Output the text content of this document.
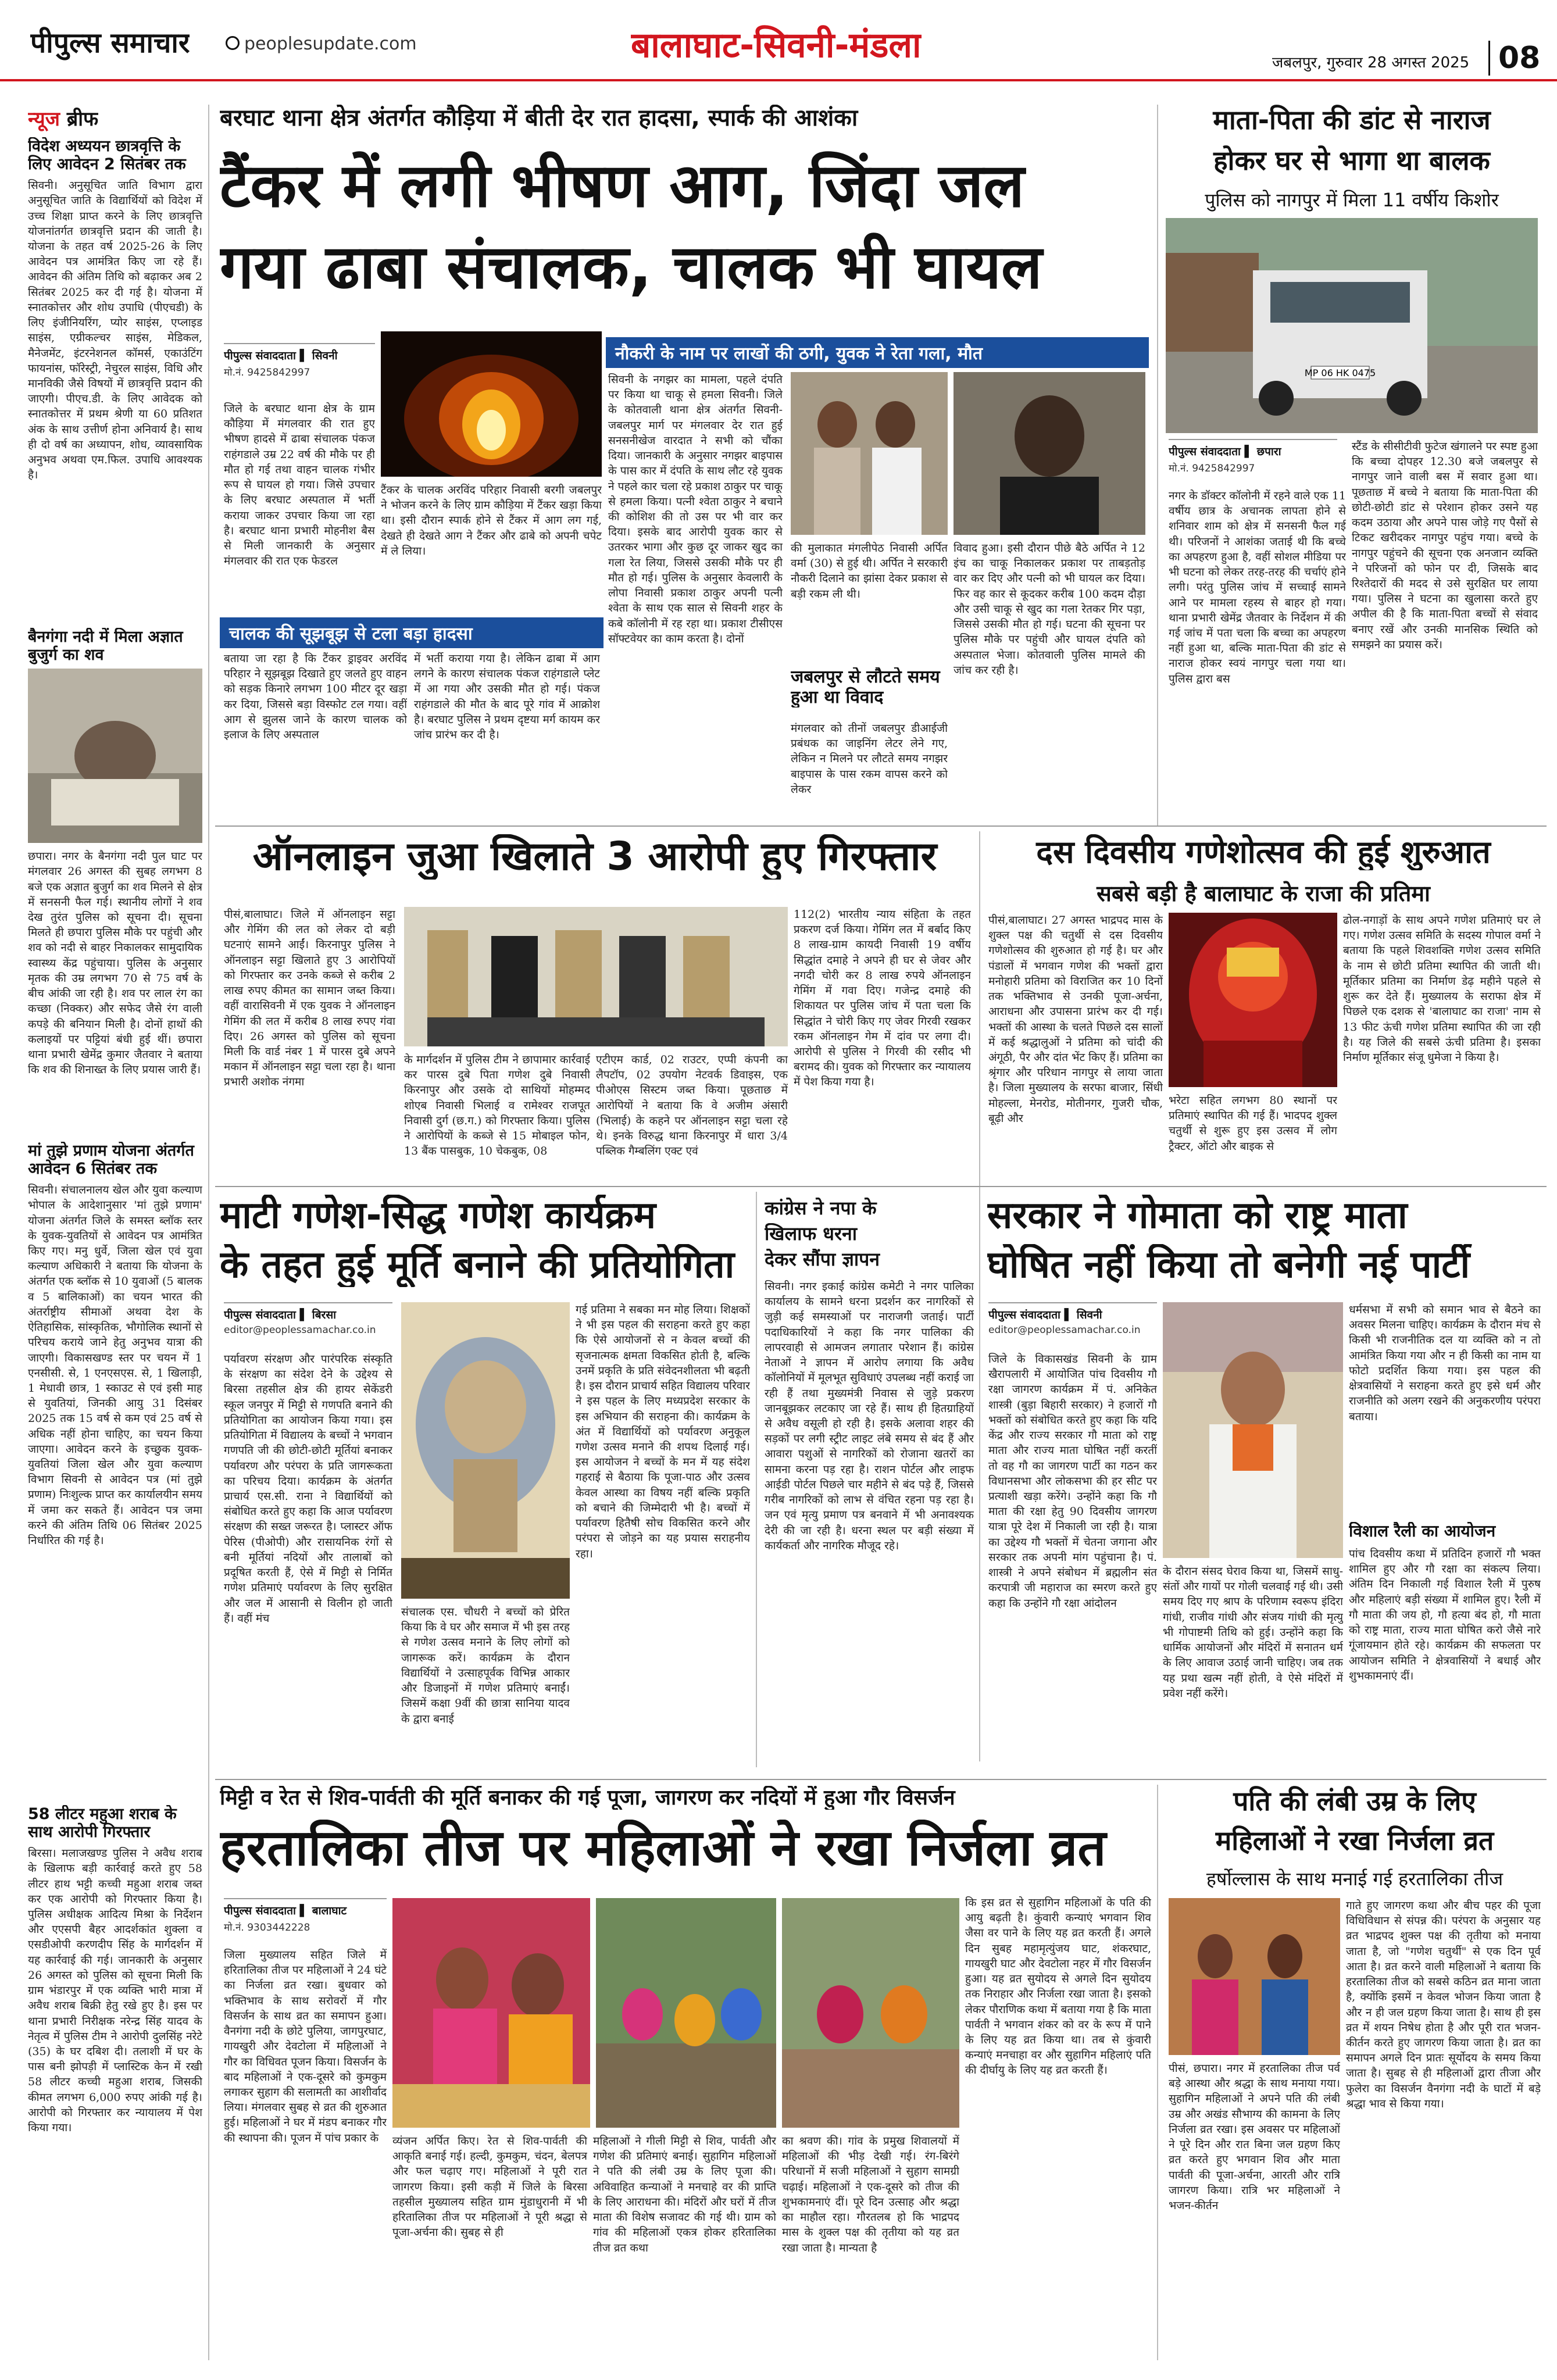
पीपुल्स समाचार	peoplesupdate.com	बालाघाट-सिवनी-मंडला	जबलपुर, गुरुवार 28 अगस्त 2025 08
न्यूज ब्रीफ
विदेश अध्ययन छात्रवृत्ति के लिए आवेदन 2 सितंबर तक
सिवनी। अनुसूचित जाति विभाग द्वारा अनुसूचित जाति के विद्यार्थियों को विदेश में उच्च शिक्षा प्राप्त करने के लिए छात्रवृत्ति योजनांतर्गत छात्रवृत्ति प्रदान की जाती है। योजना के तहत वर्ष 2025-26 के लिए आवेदन पत्र आमंत्रित किए जा रहे हैं। आवेदन की अंतिम तिथि को बढ़ाकर अब 2 सितंबर 2025 कर दी गई है। योजना में स्नातकोत्तर और शोध उपाधि (पीएचडी) के लिए इंजीनियरिंग, प्योर साइंस, एप्लाइड साइंस, एग्रीकल्चर साइंस, मेडिकल, मैनेजमेंट, इंटरनेशनल कॉमर्स, एकाउंटिंग फायनांस, फॉरेस्ट्री, नेचुरल साइंस, विधि और मानविकी जैसे विषयों में छात्रवृत्ति प्रदान की जाएगी। पीएच.डी. के लिए आवेदक को स्नातकोत्तर में प्रथम श्रेणी या 60 प्रतिशत अंक के साथ उत्तीर्ण होना अनिवार्य है। साथ ही दो वर्ष का अध्यापन, शोध, व्यावसायिक अनुभव अथवा एम.फिल. उपाधि आवश्यक है।
बैनगंगा नदी में मिला अज्ञात बुजुर्ग का शव
छपारा। नगर के बैनगंगा नदी पुल घाट पर मंगलवार 26 अगस्त की सुबह लगभग 8 बजे एक अज्ञात बुजुर्ग का शव मिलने से क्षेत्र में सनसनी फैल गई। स्थानीय लोगों ने शव देख तुरंत पुलिस को सूचना दी। सूचना मिलते ही छपारा पुलिस मौके पर पहुंची और शव को नदी से बाहर निकालकर सामुदायिक स्वास्थ्य केंद्र पहुंचाया। पुलिस के अनुसार मृतक की उम्र लगभग 70 से 75 वर्ष के बीच आंकी जा रही है। शव पर लाल रंग का कच्छा (निक्कर) और सफेद जैसे रंग वाली कपड़े की बनियान मिली है। दोनों हाथों की कलाइयों पर पट्टियां बंधी हुई थीं। छपारा थाना प्रभारी खेमेंद्र कुमार जैतवार ने बताया कि शव की शिनाख्त के लिए प्रयास जारी हैं।
मां तुझे प्रणाम योजना अंतर्गत आवेदन 6 सितंबर तक
सिवनी। संचालनालय खेल और युवा कल्याण भोपाल के आदेशानुसार 'मां तुझे प्रणाम' योजना अंतर्गत जिले के समस्त ब्लॉक स्तर के युवक-युवतियों से आवेदन पत्र आमंत्रित किए गए। मनु धुर्वे, जिला खेल एवं युवा कल्याण अधिकारी ने बताया कि योजना के अंतर्गत एक ब्लॉक से 10 युवाओं (5 बालक व 5 बालिकाओं) का चयन भारत की अंतर्राष्ट्रीय सीमाओं अथवा देश के ऐतिहासिक, सांस्कृतिक, भौगोलिक स्थानों से परिचय कराये जाने हेतु अनुभव यात्रा की जाएगी। विकासखण्ड स्तर पर चयन में 1 एनसीसी. से, 1 एनएसएस. से, 1 खिलाड़ी, 1 मेधावी छात्र, 1 स्काउट से एवं इसी माह से युवतियां, जिनकी आयु 31 दिसंबर 2025 तक 15 वर्ष से कम एवं 25 वर्ष से अधिक नहीं होना चाहिए, का चयन किया जाएगा। आवेदन करने के इच्छुक युवक-युवतियां जिला खेल और युवा कल्याण विभाग सिवनी से आवेदन पत्र (मां तुझे प्रणाम) निःशुल्क प्राप्त कर कार्यालयीन समय में जमा कर सकते हैं। आवेदन पत्र जमा करने की अंतिम तिथि 06 सितंबर 2025 निर्धारित की गई है।
58 लीटर महुआ शराब के साथ आरोपी गिरफ्तार
बिरसा। मलाजखण्ड पुलिस ने अवैध शराब के खिलाफ बड़ी कार्रवाई करते हुए 58 लीटर हाथ भट्टी कच्ची महुआ शराब जब्त कर एक आरोपी को गिरफ्तार किया है। पुलिस अधीक्षक आदित्य मिश्रा के निर्देशन और एएसपी बैहर आदर्शकांत शुक्ला व एसडीओपी करणदीप सिंह के मार्गदर्शन में यह कार्रवाई की गई। जानकारी के अनुसार 26 अगस्त को पुलिस को सूचना मिली कि ग्राम भंडारपुर में एक व्यक्ति भारी मात्रा में अवैध शराब बिक्री हेतु रखे हुए है। इस पर थाना प्रभारी निरीक्षक नरेन्द्र सिंह यादव के नेतृत्व में पुलिस टीम ने आरोपी दुलसिंह नरेटे (35) के घर दबिश दी। तलाशी में घर के पास बनी झोपड़ी में प्लास्टिक केन में रखी 58 लीटर कच्ची महुआ शराब, जिसकी कीमत लगभग 6,000 रुपए आंकी गई है। आरोपी को गिरफ्तार कर न्यायालय में पेश किया गया।
बरघाट थाना क्षेत्र अंतर्गत कौड़िया में बीती देर रात हादसा, स्पार्क की आशंका
टैंकर में लगी भीषण आग, जिंदा जल
गया ढाबा संचालक, चालक भी घायल
पीपुल्स संवाददाता ▌ सिवनी
मो.नं. 9425842997
जिले के बरघाट थाना क्षेत्र के ग्राम कौड़िया में मंगलवार की रात हुए भीषण हादसे में ढाबा संचालक पंकज राहंगडाले उम्र 22 वर्ष की मौके पर ही मौत हो गई तथा वाहन चालक गंभीर रूप से घायल हो गया। जिसे उपचार के लिए बरघाट अस्पताल में भर्ती कराया जाकर उपचार किया जा रहा है। बरघाट थाना प्रभारी मोहनीश बैस से मिली जानकारी के अनुसार मंगलवार की रात एक फेडरल
टैंकर के चालक अरविंद परिहार निवासी बरगी जबलपुर ने भोजन करने के लिए ग्राम कौड़िया में टैंकर खड़ा किया था। इसी दौरान स्पार्क होने से टैंकर में आग लग गई, देखते ही देखते आग ने टैंकर और ढाबे को अपनी चपेट में ले लिया।
चालक की सूझबूझ से टला बड़ा हादसा
बताया जा रहा है कि टैंकर ड्राइवर अरविंद परिहार ने सूझबूझ दिखाते हुए जलते हुए वाहन को सड़क किनारे लगभग 100 मीटर दूर खड़ा कर दिया, जिससे बड़ा विस्फोट टल गया। वहीं आग से झुलस जाने के कारण चालक को इलाज के लिए अस्पताल
में भर्ती कराया गया है। लेकिन ढाबा में आग लगने के कारण संचालक पंकज राहंगडाले प्लेट में आ गया और उसकी मौत हो गई। पंकज राहंगडाले की मौत के बाद पूरे गांव में आक्रोश है। बरघाट पुलिस ने प्रथम दृष्टया मर्ग कायम कर जांच प्रारंभ कर दी है।
नौकरी के नाम पर लाखों की ठगी, युवक ने रेता गला, मौत
सिवनी के नगझर का मामला, पहले दंपति पर किया था चाकू से हमला सिवनी। जिले के कोतवाली थाना क्षेत्र अंतर्गत सिवनी-जबलपुर मार्ग पर मंगलवार देर रात हुई सनसनीखेज वारदात ने सभी को चौंका दिया। जानकारी के अनुसार नगझर बाइपास के पास कार में दंपति के साथ लौट रहे युवक ने पहले कार चला रहे प्रकाश ठाकुर पर चाकू से हमला किया। पत्नी श्वेता ठाकुर ने बचाने की कोशिश की तो उस पर भी वार कर दिया। इसके बाद आरोपी युवक कार से उतरकर भागा और कुछ दूर जाकर खुद का गला रेत लिया, जिससे उसकी मौके पर ही मौत हो गई। पुलिस के अनुसार केवलारी के लोपा निवासी प्रकाश ठाकुर अपनी पत्नी श्वेता के साथ एक साल से सिवनी शहर के कबे कॉलोनी में रह रहा था। प्रकाश टीसीएस सॉफ्टवेयर का काम करता है। दोनों
की मुलाकात मंगलीपेठ निवासी अर्पित वर्मा (30) से हुई थी। अर्पित ने सरकारी नौकरी दिलाने का झांसा देकर प्रकाश से बड़ी रकम ली थी।
जबलपुर से लौटते समय हुआ था विवाद
मंगलवार को तीनों जबलपुर डीआईजी प्रबंधक का जाइनिंग लेटर लेने गए, लेकिन न मिलने पर लौटते समय नगझर बाइपास के पास रकम वापस करने को लेकर
विवाद हुआ। इसी दौरान पीछे बैठे अर्पित ने 12 इंच का चाकू निकालकर प्रकाश पर ताबड़तोड़ वार कर दिए और पत्नी को भी घायल कर दिया। फिर वह कार से कूदकर करीब 100 कदम दौड़ा और उसी चाकू से खुद का गला रेतकर गिर पड़ा, जिससे उसकी मौत हो गई। घटना की सूचना पर पुलिस मौके पर पहुंची और घायल दंपति को अस्पताल भेजा। कोतवाली पुलिस मामले की जांच कर रही है।
माता-पिता की डांट से नाराज
होकर घर से भागा था बालक
पुलिस को नागपुर में मिला 11 वर्षीय किशोर
MP 06 HK 0475
पीपुल्स संवाददाता ▌ छपारा
मो.नं. 9425842997
नगर के डॉक्टर कॉलोनी में रहने वाले एक 11 वर्षीय छात्र के अचानक लापता होने से शनिवार शाम को क्षेत्र में सनसनी फैल गई थी। परिजनों ने आशंका जताई थी कि बच्चे का अपहरण हुआ है, वहीं सोशल मीडिया पर भी घटना को लेकर तरह-तरह की चर्चाएं होने लगी। परंतु पुलिस जांच में सच्चाई सामने आने पर मामला रहस्य से बाहर हो गया। थाना प्रभारी खेमेंद्र जैतवार के निर्देशन में की गई जांच में पता चला कि बच्चा का अपहरण नहीं हुआ था, बल्कि माता-पिता की डांट से नाराज होकर स्वयं नागपुर चला गया था। पुलिस द्वारा बस
स्टैंड के सीसीटीवी फुटेज खंगालने पर स्पष्ट हुआ कि बच्चा दोपहर 12.30 बजे जबलपुर से नागपुर जाने वाली बस में सवार हुआ था। पूछताछ में बच्चे ने बताया कि माता-पिता की छोटी-छोटी डांट से परेशान होकर उसने यह कदम उठाया और अपने पास जोड़े गए पैसों से टिकट खरीदकर नागपुर पहुंच गया। बच्चे के नागपुर पहुंचने की सूचना एक अनजान व्यक्ति ने परिजनों को फोन पर दी, जिसके बाद रिश्तेदारों की मदद से उसे सुरक्षित घर लाया गया। पुलिस ने घटना का खुलासा करते हुए अपील की है कि माता-पिता बच्चों से संवाद बनाए रखें और उनकी मानसिक स्थिति को समझने का प्रयास करें।
ऑनलाइन जुआ खिलाते 3 आरोपी हुए गिरफ्तार
पीसं,बालाघाट। जिले में ऑनलाइन सट्टा और गेमिंग की लत को लेकर दो बड़ी घटनाएं सामने आईं। किरनापुर पुलिस ने ऑनलाइन सट्टा खिलाते हुए 3 आरोपियों को गिरफ्तार कर उनके कब्जे से करीब 2 लाख रुपए कीमत का सामान जब्त किया। वहीं वारासिवनी में एक युवक ने ऑनलाइन गेमिंग की लत में करीब 8 लाख रुपए गंवा दिए। 26 अगस्त को पुलिस को सूचना मिली कि वार्ड नंबर 1 में पारस दुबे अपने मकान में ऑनलाइन सट्टा चला रहा है। थाना प्रभारी अशोक नंगमा
के मार्गदर्शन में पुलिस टीम ने छापामार कार्रवाई कर पारस दुबे पिता गणेश दुबे निवासी किरनापुर और उसके दो साथियों मोहम्मद शोएब निवासी भिलाई व रामेश्वर राजपूत निवासी दुर्ग (छ.ग.) को गिरफ्तार किया। पुलिस ने आरोपियों के कब्जे से 15 मोबाइल फोन, 13 बैंक पासबुक, 10 चेकबुक, 08
एटीएम कार्ड, 02 राउटर, एप्पी कंपनी का लैपटॉप, 02 उपयोग नेटवर्क डिवाइस, एक पीओएस सिस्टम जब्त किया। पूछताछ में आरोपियों ने बताया कि वे अजीम अंसारी (भिलाई) के कहने पर ऑनलाइन सट्टा चला रहे थे। इनके विरुद्ध थाना किरनापुर में धारा 3/4 पब्लिक गैम्बलिंग एक्ट एवं
112(2) भारतीय न्याय संहिता के तहत प्रकरण दर्ज किया। गेमिंग लत में बर्बाद किए 8 लाख-ग्राम कायदी निवासी 19 वर्षीय सिद्धांत दमाहे ने अपने ही घर से जेवर और नगदी चोरी कर 8 लाख रुपये ऑनलाइन गेमिंग में गवा दिए। गजेन्द्र दमाहे की शिकायत पर पुलिस जांच में पता चला कि सिद्धांत ने चोरी किए गए जेवर गिरवी रखकर रकम ऑनलाइन गेम में दांव पर लगा दी। आरोपी से पुलिस ने गिरवी की रसीद भी बरामद की। युवक को गिरफ्तार कर न्यायालय में पेश किया गया है।
दस दिवसीय गणेशोत्सव की हुई शुरुआत
सबसे बड़ी है बालाघाट के राजा की प्रतिमा
पीसं,बालाघाट। 27 अगस्त भाद्रपद मास के शुक्ल पक्ष की चतुर्थी से दस दिवसीय गणेशोत्सव की शुरुआत हो गई है। घर और पंडालों में भगवान गणेश की भक्तों द्वारा मनोहारी प्रतिमा को विराजित कर 10 दिनों तक भक्तिभाव से उनकी पूजा-अर्चना, आराधना और उपासना प्रारंभ कर दी गई। भक्तों की आस्था के चलते पिछले दस सालों में कई श्रद्धालुओं ने प्रतिमा को चांदी की अंगूठी, पैर और दांत भेंट किए हैं। प्रतिमा का श्रृंगार और परिधान नागपुर से लाया जाता है। जिला मुख्यालय के सरफा बाजार, सिंधी मोहल्ला, मेनरोड, मोतीनगर, गुजरी चौक, बूढ़ी और
भरेटा सहित लगभग 80 स्थानों पर प्रतिमाएं स्थापित की गई हैं। भादपद शुक्ल चतुर्थी से शुरू हुए इस उत्सव में लोग ट्रैक्टर, ऑटो और बाइक से
ढोल-नगाड़ों के साथ अपने गणेश प्रतिमाएं घर ले गए। गणेश उत्सव समिति के सदस्य गोपाल वर्मा ने बताया कि पहले शिवशक्ति गणेश उत्सव समिति के नाम से छोटी प्रतिमा स्थापित की जाती थी। मूर्तिकार प्रतिमा का निर्माण डेढ़ महीने पहले से शुरू कर देते हैं। मुख्यालय के सराफा क्षेत्र में पिछले एक दशक से 'बालाघाट का राजा' नाम से 13 फीट ऊंची गणेश प्रतिमा स्थापित की जा रही है। यह जिले की सबसे ऊंची प्रतिमा है। इसका निर्माण मूर्तिकार संजू धुमेजा ने किया है।
माटी गणेश-सिद्ध गणेश कार्यक्रम
के तहत हुई मूर्ति बनाने की प्रतियोगिता
पीपुल्स संवाददाता ▌ बिरसा
editor@peoplessamachar.co.in
पर्यावरण संरक्षण और पारंपरिक संस्कृति के संरक्षण का संदेश देने के उद्देश्य से बिरसा तहसील क्षेत्र की हायर सेकेंडरी स्कूल जनपुर में मिट्टी से गणपति बनाने की प्रतियोगिता का आयोजन किया गया। इस प्रतियोगिता में विद्यालय के बच्चों ने भगवान गणपति जी की छोटी-छोटी मूर्तियां बनाकर पर्यावरण और परंपरा के प्रति जागरूकता का परिचय दिया। कार्यक्रम के अंतर्गत प्राचार्य एस.सी. राना ने विद्यार्थियों को संबोधित करते हुए कहा कि आज पर्यावरण संरक्षण की सख्त जरूरत है। प्लास्टर ऑफ पेरिस (पीओपी) और रासायनिक रंगों से बनी मूर्तियां नदियों और तालाबों को प्रदूषित करती हैं, ऐसे में मिट्टी से निर्मित गणेश प्रतिमाएं पर्यावरण के लिए सुरक्षित और जल में आसानी से विलीन हो जाती हैं। वहीं मंच	संचालक एस. चौधरी ने बच्चों को प्रेरित किया कि वे घर और समाज में भी इस तरह से गणेश उत्सव मनाने के लिए लोगों को जागरूक करें। कार्यक्रम के दौरान विद्यार्थियों ने उत्साहपूर्वक विभिन्न आकार और डिजाइनों में गणेश प्रतिमाएं बनाईं। जिसमें कक्षा 9वीं की छात्रा सानिया यादव के द्वारा बनाई
गई प्रतिमा ने सबका मन मोह लिया। शिक्षकों ने भी इस पहल की सराहना करते हुए कहा कि ऐसे आयोजनों से न केवल बच्चों की सृजनात्मक क्षमता विकसित होती है, बल्कि उनमें प्रकृति के प्रति संवेदनशीलता भी बढ़ती है। इस दौरान प्राचार्य सहित विद्यालय परिवार ने इस पहल के लिए मध्यप्रदेश सरकार के इस अभियान की सराहना की। कार्यक्रम के अंत में विद्यार्थियों को पर्यावरण अनुकूल गणेश उत्सव मनाने की शपथ दिलाई गई। इस आयोजन ने बच्चों के मन में यह संदेश गहराई से बैठाया कि पूजा-पाठ और उत्सव केवल आस्था का विषय नहीं बल्कि प्रकृति को बचाने की जिम्मेदारी भी है। बच्चों में पर्यावरण हितैषी सोच विकसित करने और परंपरा से जोड़ने का यह प्रयास सराहनीय रहा।
कांग्रेस ने नपा के
खिलाफ धरना
देकर सौंपा ज्ञापन
सिवनी। नगर इकाई कांग्रेस कमेटी ने नगर पालिका कार्यालय के सामने धरना प्रदर्शन कर नागरिकों से जुड़ी कई समस्याओं पर नाराजगी जताई। पार्टी पदाधिकारियों ने कहा कि नगर पालिका की लापरवाही से आमजन लगातार परेशान हैं। कांग्रेस नेताओं ने ज्ञापन में आरोप लगाया कि अवैध कॉलोनियों में मूलभूत सुविधाएं उपलब्ध नहीं कराई जा रही हैं तथा मुख्यमंत्री निवास से जुड़े प्रकरण जानबूझकर लटकाए जा रहे हैं। साथ ही हितग्राहियों से अवैध वसूली हो रही है। इसके अलावा शहर की सड़कों पर लगी स्ट्रीट लाइट लंबे समय से बंद हैं और आवारा पशुओं से नागरिकों को रोजाना खतरों का सामना करना पड़ रहा है। राशन पोर्टल और लाइफ आईडी पोर्टल पिछले चार महीने से बंद पड़े हैं, जिससे गरीब नागरिकों को लाभ से वंचित रहना पड़ रहा है। जन एवं मृत्यु प्रमाण पत्र बनवाने में भी अनावश्यक देरी की जा रही है। धरना स्थल पर बड़ी संख्या में कार्यकर्ता और नागरिक मौजूद रहे।
सरकार ने गोमाता को राष्ट्र माता
घोषित नहीं किया तो बनेगी नई पार्टी
पीपुल्स संवाददाता ▌ सिवनी
editor@peoplessamachar.co.in
जिले के विकासखंड सिवनी के ग्राम खैरापलारी में आयोजित पांच दिवसीय गौ रक्षा जागरण कार्यक्रम में पं. अनिकेत शास्त्री (बुड़ा बिहारी सरकार) ने हजारों गौ भक्तों को संबोधित करते हुए कहा कि यदि केंद्र और राज्य सरकार गौ माता को राष्ट्र माता और राज्य माता घोषित नहीं करतीं तो वह गौ का जागरण पार्टी का गठन कर विधानसभा और लोकसभा की हर सीट पर प्रत्याशी खड़ा करेंगे। उन्होंने कहा कि गौ माता की रक्षा हेतु 90 दिवसीय जागरण यात्रा पूरे देश में निकाली जा रही है। यात्रा का उद्देश्य गौ भक्तों में चेतना जगाना और सरकार तक अपनी मांग पहुंचाना है। पं. शास्त्री ने अपने संबोधन में ब्रह्मलीन संत करपात्री जी महाराज का स्मरण करते हुए कहा कि उन्होंने गौ रक्षा आंदोलन
के दौरान संसद घेराव किया था, जिसमें साधु-संतों और गायों पर गोली चलवाई गई थी। उसी समय दिए गए श्राप के परिणाम स्वरूप इंदिरा गांधी, राजीव गांधी और संजय गांधी की मृत्यु भी गोपाष्टमी तिथि को हुई। उन्होंने कहा कि धार्मिक आयोजनों और मंदिरों में सनातन धर्म के लिए आवाज उठाई जानी चाहिए। जब तक यह प्रथा खत्म नहीं होती, वे ऐसे मंदिरों में प्रवेश नहीं करेंगे।
धर्मसभा में सभी को समान भाव से बैठने का अवसर मिलना चाहिए। कार्यक्रम के दौरान मंच से किसी भी राजनीतिक दल या व्यक्ति को न तो आमंत्रित किया गया और न ही किसी का नाम या फोटो प्रदर्शित किया गया। इस पहल की क्षेत्रवासियों ने सराहना करते हुए इसे धर्म और राजनीति को अलग रखने की अनुकरणीय परंपरा बताया।
विशाल रैली का आयोजन
पांच दिवसीय कथा में प्रतिदिन हजारों गौ भक्त शामिल हुए और गौ रक्षा का संकल्प लिया। अंतिम दिन निकाली गई विशाल रैली में पुरुष और महिलाएं बड़ी संख्या में शामिल हुए। रैली में गौ माता की जय हो, गौ हत्या बंद हो, गौ माता को राष्ट्र माता, राज्य माता घोषित करो जैसे नारे गूंजायमान होते रहे। कार्यक्रम की सफलता पर आयोजन समिति ने क्षेत्रवासियों ने बधाई और शुभकामनाएं दीं।
मिट्टी व रेत से शिव-पार्वती की मूर्ति बनाकर की गई पूजा, जागरण कर नदियों में हुआ गौर विसर्जन
हरतालिका तीज पर महिलाओं ने रखा निर्जला व्रत
पीपुल्स संवाददाता ▌ बालाघाट
मो.नं. 9303442228
जिला मुख्यालय सहित जिले में हरितालिका तीज पर महिलाओं ने 24 घंटे का निर्जला व्रत रखा। बुधवार को भक्तिभाव के साथ सरोवरों में गौर विसर्जन के साथ व्रत का समापन हुआ। वैनगंगा नदी के छोटे पुलिया, जागपुरघाट, गायखुरी और देवटोला में महिलाओं ने गौर का विधिवत पूजन किया। विसर्जन के बाद महिलाओं ने एक-दूसरे को कुमकुम लगाकर सुहाग की सलामती का आशीर्वाद लिया। मंगलवार सुबह से व्रत की शुरुआत हुई। महिलाओं ने घर में मंडप बनाकर गौर की स्थापना की। पूजन में पांच प्रकार के	व्यंजन अर्पित किए। रेत से शिव-पार्वती की आकृति बनाई गई। हल्दी, कुमकुम, चंदन, बेलपत्र और फल चढ़ाए गए। महिलाओं ने पूरी रात जागरण किया। इसी कड़ी में जिले के बिरसा तहसील मुख्यालय सहित ग्राम मुंडाधुरानी में भी हरितालिका तीज पर महिलाओं ने पूरी श्रद्धा से पूजा-अर्चना की। सुबह से ही
महिलाओं ने गीली मिट्टी से शिव, पार्वती और गणेश की प्रतिमाएं बनाई। सुहागिन महिलाओं ने पति की लंबी उम्र के लिए पूजा की। अविवाहित कन्याओं ने मनचाहे वर की प्राप्ति के लिए आराधना की। मंदिरों और घरों में तीज माता की विशेष सजावट की गई थी। ग्राम को गांव की महिलाओं एकत्र होकर हरितालिका तीज व्रत कथा
का श्रवण की। गांव के प्रमुख शिवालयों में महिलाओं की भीड़ देखी गई। रंग-बिरंगे परिधानों में सजी महिलाओं ने सुहाग सामग्री चढ़ाई। महिलाओं ने एक-दूसरे को तीज की शुभकामनाएं दीं। पूरे दिन उत्साह और श्रद्धा का माहौल रहा। गौरतलब हो कि भाद्रपद मास के शुक्ल पक्ष की तृतीया को यह व्रत रखा जाता है। मान्यता है
कि इस व्रत से सुहागिन महिलाओं के पति की आयु बढ़ती है। कुंवारी कन्याएं भगवान शिव जैसा वर पाने के लिए यह व्रत करती हैं। अगले दिन सुबह महामृत्युंजय घाट, शंकरघाट, गायखुरी घाट और देवटोला नहर में गौर विसर्जन हुआ। यह व्रत सुयोदय से अगले दिन सुयोदय तक निराहार और निर्जला रखा जाता है। इसको लेकर पौराणिक कथा में बताया गया है कि माता पार्वती ने भगवान शंकर को वर के रूप में पाने के लिए यह व्रत किया था। तब से कुंवारी कन्याएं मनचाहा वर और सुहागिन महिलाएं पति की दीर्घायु के लिए यह व्रत करती हैं।
पति की लंबी उम्र के लिए
महिलाओं ने रखा निर्जला व्रत
हर्षोल्लास के साथ मनाई गई हरतालिका तीज
पीसं, छपारा। नगर में हरतालिका तीज पर्व बड़े आस्था और श्रद्धा के साथ मनाया गया। सुहागिन महिलाओं ने अपने पति की लंबी उम्र और अखंड सौभाग्य की कामना के लिए निर्जला व्रत रखा। इस अवसर पर महिलाओं ने पूरे दिन और रात बिना जल ग्रहण किए व्रत करते हुए भगवान शिव और माता पार्वती की पूजा-अर्चना, आरती और रात्रि जागरण किया। रात्रि भर महिलाओं ने भजन-कीर्तन
गाते हुए जागरण कथा और बीच पहर की पूजा विधिविधान से संपन्न की। परंपरा के अनुसार यह व्रत भाद्रपद शुक्ल पक्ष की तृतीया को मनाया जाता है, जो "गणेश चतुर्थी" से एक दिन पूर्व आता है। व्रत करने वाली महिलाओं ने बताया कि हरतालिका तीज को सबसे कठिन व्रत माना जाता है, क्योंकि इसमें न केवल भोजन किया जाता है और न ही जल ग्रहण किया जाता है। साथ ही इस व्रत में शयन निषेध होता है और पूरी रात भजन-कीर्तन करते हुए जागरण किया जाता है। व्रत का समापन अगले दिन प्रातः सूर्योदय के समय किया जाता है। सुबह से ही महिलाओं द्वारा तीजा और फुलेरा का विसर्जन वैनगंगा नदी के घाटों में बड़े श्रद्धा भाव से किया गया।
